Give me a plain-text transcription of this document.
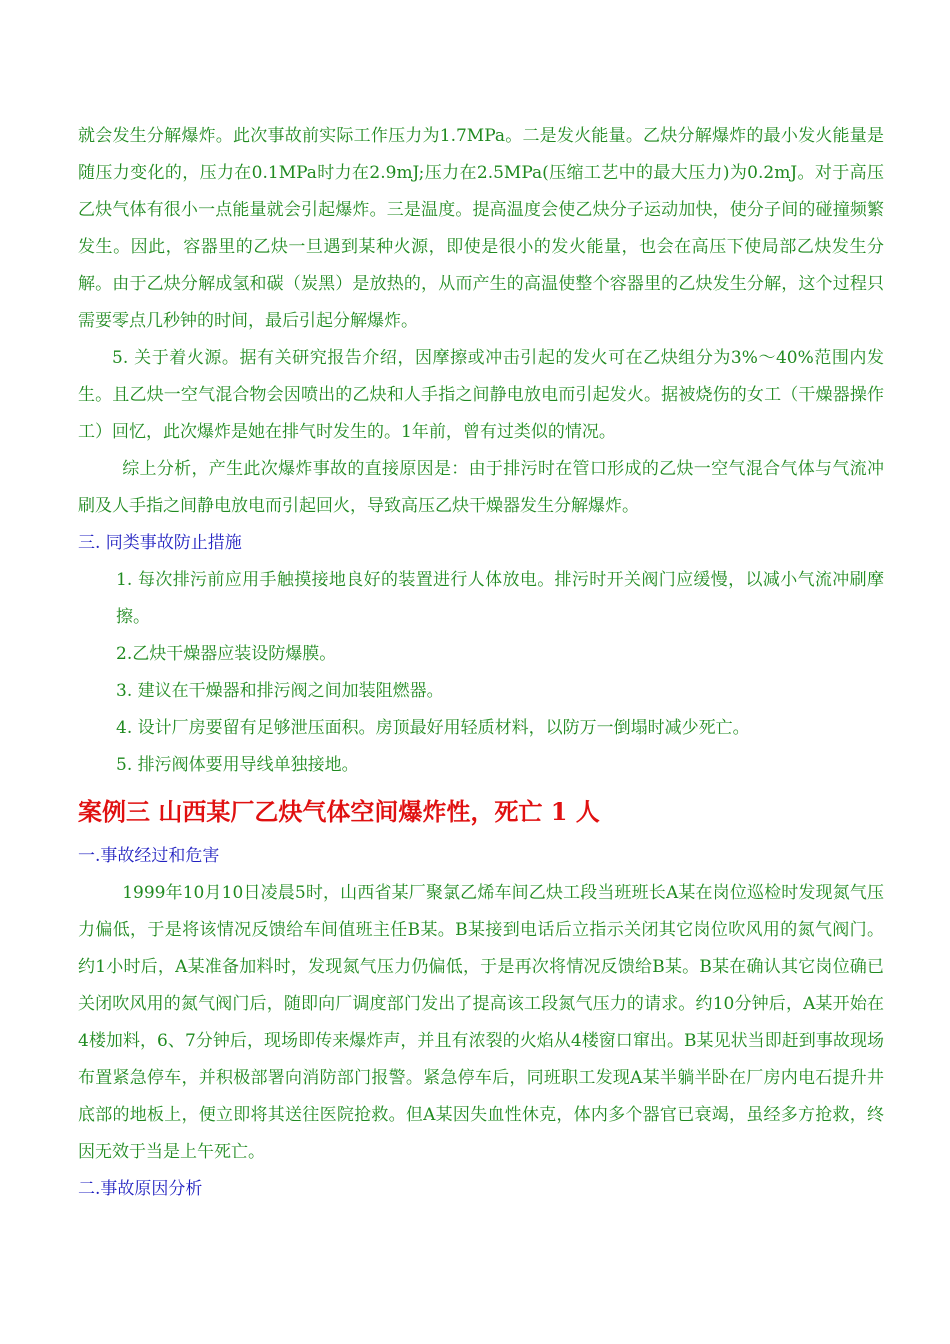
就会发生分解爆炸。此次事故前实际工作压力为1.7MPa。二是发火能量。乙炔分解爆炸的最小发火能量是随压力变化的，压力在0.1MPa时力在2.9mJ;压力在2.5MPa(压缩工艺中的最大压力)为0.2mJ。对于高压乙炔气体有很小一点能量就会引起爆炸。三是温度。提高温度会使乙炔分子运动加快，使分子间的碰撞频繁发生。因此，容器里的乙炔一旦遇到某种火源，即使是很小的发火能量，也会在高压下使局部乙炔发生分解。由于乙炔分解成氢和碳（炭黑）是放热的，从而产生的高温使整个容器里的乙炔发生分解，这个过程只需要零点几秒钟的时间，最后引起分解爆炸。

5. 关于着火源。据有关研究报告介绍，因摩擦或冲击引起的发火可在乙炔组分为3%～40%范围内发生。且乙炔一空气混合物会因喷出的乙炔和人手指之间静电放电而引起发火。据被烧伤的女工（干燥器操作工）回忆，此次爆炸是她在排气时发生的。1年前，曾有过类似的情况。

综上分析，产生此次爆炸事故的直接原因是：由于排污时在管口形成的乙炔一空气混合气体与气流冲刷及人手指之间静电放电而引起回火，导致高压乙炔干燥器发生分解爆炸。

三. 同类事故防止措施

1. 每次排污前应用手触摸接地良好的装置进行人体放电。排污时开关阀门应缓慢，以减小气流冲刷摩擦。

2.乙炔干燥器应装设防爆膜。

3. 建议在干燥器和排污阀之间加装阻燃器。

4. 设计厂房要留有足够泄压面积。房顶最好用轻质材料，以防万一倒塌时减少死亡。

5. 排污阀体要用导线单独接地。

案例三 山西某厂乙炔气体空间爆炸性，死亡 1 人

一.事故经过和危害

1999年10月10日凌晨5时，山西省某厂聚氯乙烯车间乙炔工段当班班长A某在岗位巡检时发现氮气压力偏低，于是将该情况反馈给车间值班主任B某。B某接到电话后立指示关闭其它岗位吹风用的氮气阀门。约1小时后，A某准备加料时，发现氮气压力仍偏低，于是再次将情况反馈给B某。B某在确认其它岗位确已关闭吹风用的氮气阀门后，随即向厂调度部门发出了提高该工段氮气压力的请求。约10分钟后，A某开始在4楼加料，6、7分钟后，现场即传来爆炸声，并且有浓裂的火焰从4楼窗口窜出。B某见状当即赶到事故现场布置紧急停车，并积极部署向消防部门报警。紧急停车后，同班职工发现A某半躺半卧在厂房内电石提升井底部的地板上，便立即将其送往医院抢救。但A某因失血性休克，体内多个器官已衰竭，虽经多方抢救，终因无效于当是上午死亡。

二.事故原因分析
